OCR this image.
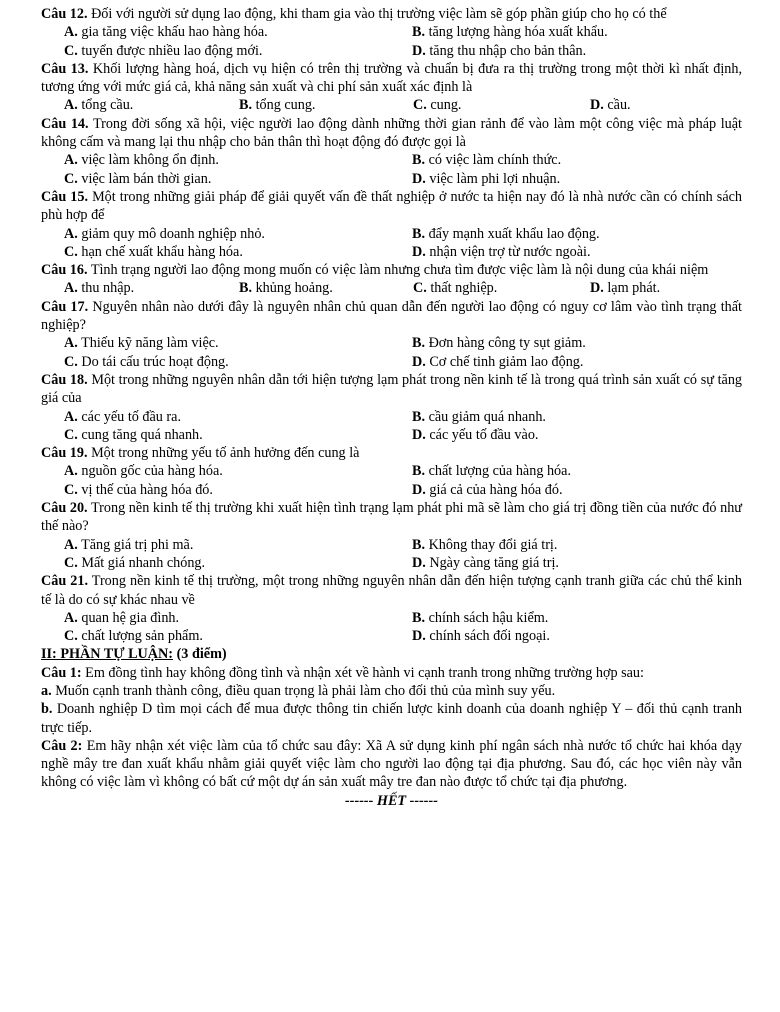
Câu 12. Đối với người sử dụng lao động, khi tham gia vào thị trường việc làm sẽ góp phần giúp cho họ có thể

A. gia tăng việc khấu hao hàng hóa.	B. tăng lượng hàng hóa xuất khẩu.
C. tuyển được nhiều lao động mới.	D. tăng thu nhập cho bản thân.

Câu 13. Khối lượng hàng hoá, dịch vụ hiện có trên thị trường và chuẩn bị đưa ra thị trường trong một thời kì nhất định, tương ứng với mức giá cả, khả năng sản xuất và chi phí sản xuất xác định là

A. tổng cầu.	B. tổng cung.	C. cung.	D. cầu.

Câu 14. Trong đời sống xã hội, việc người lao động dành những thời gian rảnh để vào làm một công việc mà pháp luật không cấm và mang lại thu nhập cho bản thân thì hoạt động đó được gọi là

A. việc làm không ổn định.	B. có việc làm chính thức.
C. việc làm bán thời gian.	D. việc làm phi lợi nhuận.

Câu 15. Một trong những giải pháp để giải quyết vấn đề thất nghiệp ở nước ta hiện nay đó là nhà nước cần có chính sách phù hợp để

A. giảm quy mô doanh nghiệp nhỏ.	B. đẩy mạnh xuất khẩu lao động.
C. hạn chế xuất khẩu hàng hóa.	D. nhận viện trợ từ nước ngoài.

Câu 16. Tình trạng người lao động mong muốn có việc làm nhưng chưa tìm được việc làm là nội dung của khái niệm

A. thu nhập.	B. khủng hoảng.	C. thất nghiệp.	D. lạm phát.

Câu 17. Nguyên nhân nào dưới đây là nguyên nhân chủ quan dẫn đến người lao động có nguy cơ lâm vào tình trạng thất nghiệp?

A. Thiếu kỹ năng làm việc.	B. Đơn hàng công ty sụt giảm.
C. Do tái cấu trúc hoạt động.	D. Cơ chế tinh giảm lao động.

Câu 18. Một trong những nguyên nhân dẫn tới hiện tượng lạm phát trong nền kinh tế là trong quá trình sản xuất có sự tăng giá của

A. các yếu tố đầu ra.	B. cầu giảm quá nhanh.
C. cung tăng quá nhanh.	D. các yếu tố đầu vào.

Câu 19. Một trong những yếu tố ảnh hưởng đến cung là

A. nguồn gốc của hàng hóa.	B. chất lượng của hàng hóa.
C. vị thế của hàng hóa đó.	D. giá cả của hàng hóa đó.

Câu 20. Trong nền kinh tế thị trường khi xuất hiện tình trạng lạm phát phi mã sẽ làm cho giá trị đồng tiền của nước đó như thế nào?

A. Tăng giá trị phi mã.	B. Không thay đổi giá trị.
C. Mất giá nhanh chóng.	D. Ngày càng tăng giá trị.

Câu 21. Trong nền kinh tế thị trường, một trong những nguyên nhân dẫn đến hiện tượng cạnh tranh giữa các chủ thể kinh tế là do có sự khác nhau về

A. quan hệ gia đình.	B. chính sách hậu kiểm.
C. chất lượng sản phẩm.	D. chính sách đối ngoại.

II: PHẦN TỰ LUẬN: (3 điểm)

Câu 1: Em đồng tình hay không đồng tình và nhận xét về hành vi cạnh tranh trong những trường hợp sau:

a. Muốn cạnh tranh thành công, điều quan trọng là phải làm cho đối thủ của mình suy yếu.

b. Doanh nghiệp D tìm mọi cách để mua được thông tin chiến lược kinh doanh của doanh nghiệp Y – đối thủ cạnh tranh trực tiếp.

Câu 2: Em hãy nhận xét việc làm của tổ chức sau đây: Xã A sử dụng kinh phí ngân sách nhà nước tổ chức hai khóa dạy nghề mây tre đan xuất khẩu nhằm giải quyết việc làm cho người lao động tại địa phương. Sau đó, các học viên này vẫn không có việc làm vì không có bất cứ một dự án sản xuất mây tre đan nào được tổ chức tại địa phương.

------ HẾT ------
